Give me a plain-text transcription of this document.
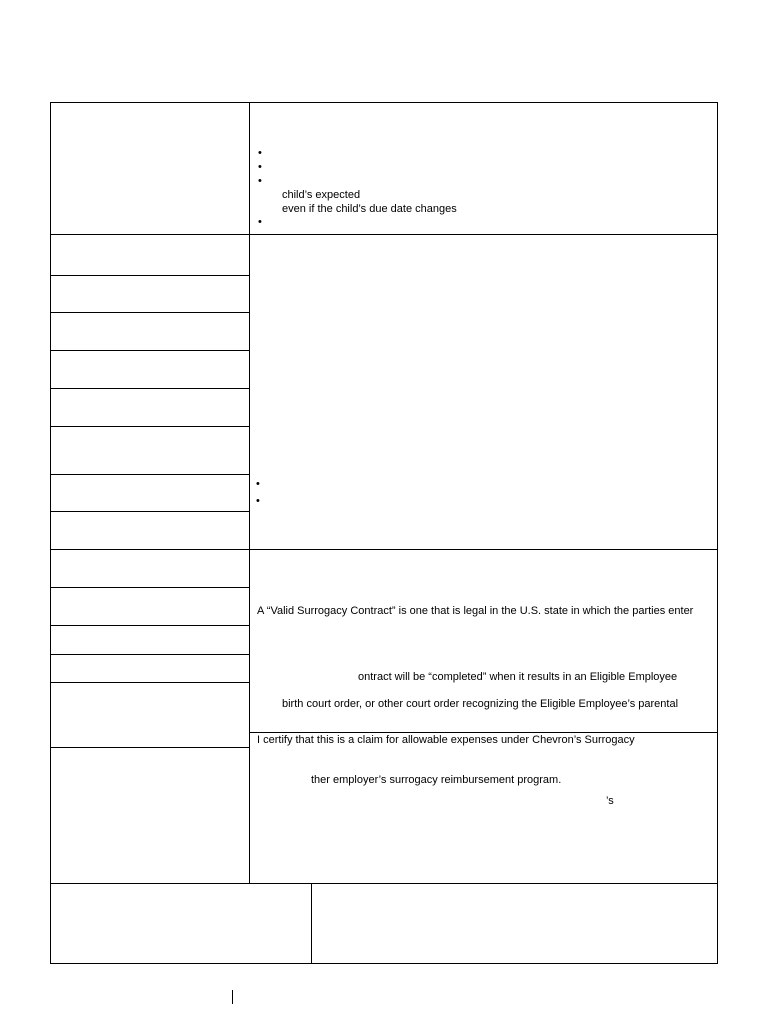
•
•
•
child’s expected
even if the child’s due date changes
•
•
•
A “Valid Surrogacy Contract” is one that is legal in the U.S. state in which the parties enter
ontract will be “completed” when it results in an Eligible Employee
birth court order, or other court order recognizing the Eligible Employee’s parental
I certify that this is a claim for allowable expenses under Chevron’s Surrogacy
ther employer’s surrogacy reimbursement program.
’s
